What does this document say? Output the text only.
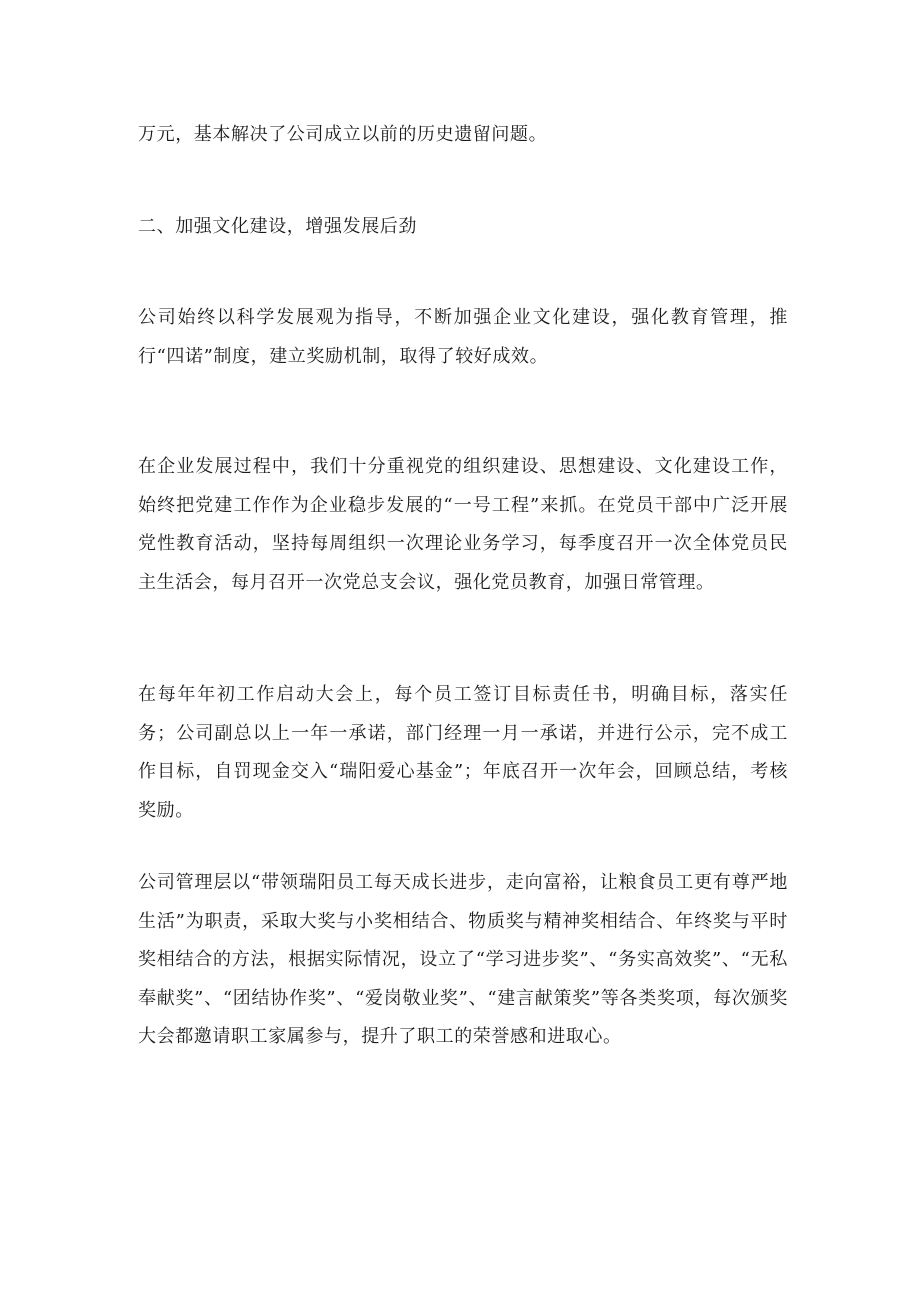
万元，基本解决了公司成立以前的历史遗留问题。

二、加强文化建设，增强发展后劲

公司始终以科学发展观为指导，不断加强企业文化建设，强化教育管理，推行“四诺”制度，建立奖励机制，取得了较好成效。

在企业发展过程中，我们十分重视党的组织建设、思想建设、文化建设工作，始终把党建工作作为企业稳步发展的“一号工程”来抓。在党员干部中广泛开展党性教育活动，坚持每周组织一次理论业务学习，每季度召开一次全体党员民主生活会，每月召开一次党总支会议，强化党员教育，加强日常管理。

在每年年初工作启动大会上，每个员工签订目标责任书，明确目标，落实任务；公司副总以上一年一承诺，部门经理一月一承诺，并进行公示，完不成工作目标，自罚现金交入“瑞阳爱心基金”；年底召开一次年会，回顾总结，考核奖励。

公司管理层以“带领瑞阳员工每天成长进步，走向富裕，让粮食员工更有尊严地生活”为职责，采取大奖与小奖相结合、物质奖与精神奖相结合、年终奖与平时奖相结合的方法，根据实际情况，设立了“学习进步奖”、“务实高效奖”、“无私奉献奖”、“团结协作奖”、“爱岗敬业奖”、“建言献策奖”等各类奖项，每次颁奖大会都邀请职工家属参与，提升了职工的荣誉感和进取心。
